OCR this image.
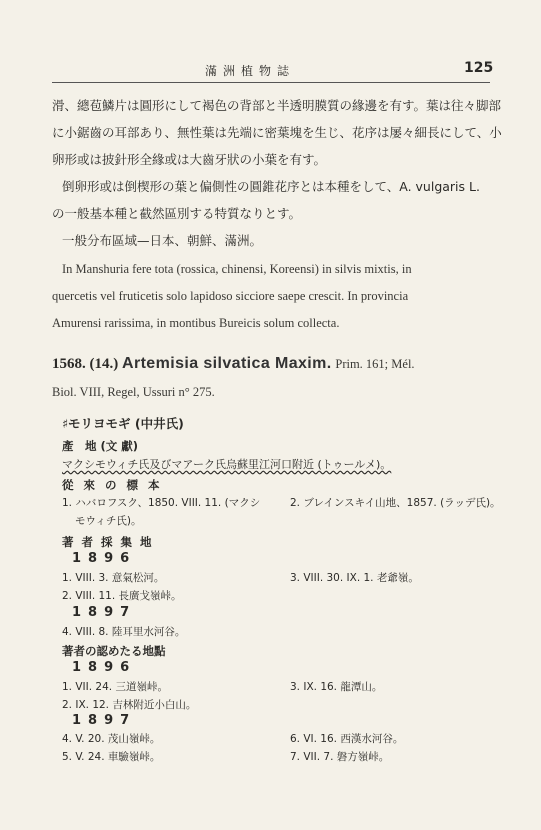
滿洲植物誌	125
滑、總苞鱗片は圓形にして褐色の背部と半透明膜質の緣邊を有す。葉は往々脚部
に小鋸齒の耳部あり、無性葉は先端に密葉塊を生じ、花序は屡々細長にして、小
卵形或は披針形全緣或は大齒牙狀の小葉を有す。
倒卵形或は倒楔形の葉と偏側性の圓錐花序とは本種をして、A. vulgaris L.
の一般基本種と截然區別する特質なりとす。
一般分布區域—日本、朝鮮、滿洲。
In Manshuria fere tota (rossica, chinensi, Koreensi) in silvis mixtis, in
quercetis vel fruticetis solo lapidoso sicciore saepe crescit. In provincia
Amurensi rarissima, in montibus Bureicis solum collecta.
1568. (14.) Artemisia silvatica Maxim. Prim. 161; Mél.
Biol. VIII, Regel, Ussuri n° 275.
♯モリヨモギ (中井氏)
產　地 (文 獻)
マクシモウィチ氏及びマアーク氏烏蘇里江河口附近 (トゥールメ)。
從 來 の 標 本
1. ハバロフスク、1850. VIII. 11. (マクシ
モウィチ氏)。
2. ブレインスキイ山地、1857. (ラッデ氏)。
著 者 採 集 地
1896
1. VIII. 3. 意氣松河。	3. VIII. 30. IX. 1. 老爺嶺。
2. VIII. 11. 長廣戈嶺峠。
1897
4. VIII. 8. 陸耳里水河谷。
著者の認めたる地點
1896
1. VII. 24. 三道嶺峠。	3. IX. 16. 龍潭山。
2. IX. 12. 吉林附近小白山。
1897
4. V. 20. 茂山嶺峠。	6. VI. 16. 西漢水河谷。
5. V. 24. 車驗嶺峠。	7. VII. 7. 磐方嶺峠。
